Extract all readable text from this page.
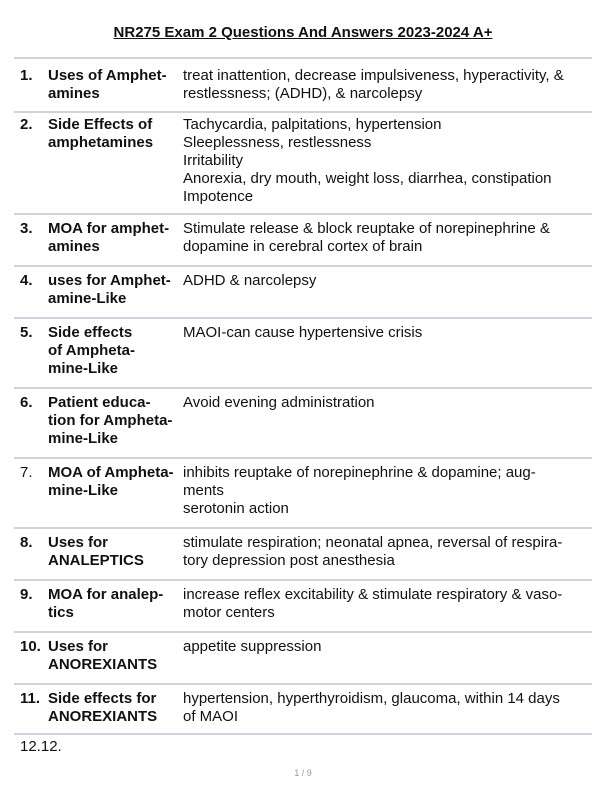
NR275 Exam 2 Questions And Answers 2023-2024 A+
1. Uses of Amphet-
amines
treat inattention, decrease impulsiveness, hyperactivity, &
restlessness; (ADHD), & narcolepsy
2. Side Effects of
amphetamines
Tachycardia, palpitations, hypertension
Sleeplessness, restlessness
Irritability
Anorexia, dry mouth, weight loss, diarrhea, constipation
Impotence
3. MOA for amphet-
amines
Stimulate release & block reuptake of norepinephrine &
dopamine in cerebral cortex of brain
4. uses for Amphet-
amine-Like
ADHD & narcolepsy
5. Side effects
of Ampheta-
mine-Like
MAOI-can cause hypertensive crisis
6. Patient educa-
tion for Ampheta-
mine-Like
Avoid evening administration
7. MOA of Ampheta-
mine-Like
inhibits reuptake of norepinephrine & dopamine; aug-
ments
serotonin action
8. Uses for
ANALEPTICS
stimulate respiration; neonatal apnea, reversal of respira-
tory depression post anesthesia
9. MOA for analep-
tics
increase reflex excitability & stimulate respiratory & vaso-
motor centers
10. Uses for
ANOREXIANTS
appetite suppression
11. Side effects for
ANOREXIANTS
hypertension, hyperthyroidism, glaucoma, within 14 days
of MAOI
12.12.
1 / 9
